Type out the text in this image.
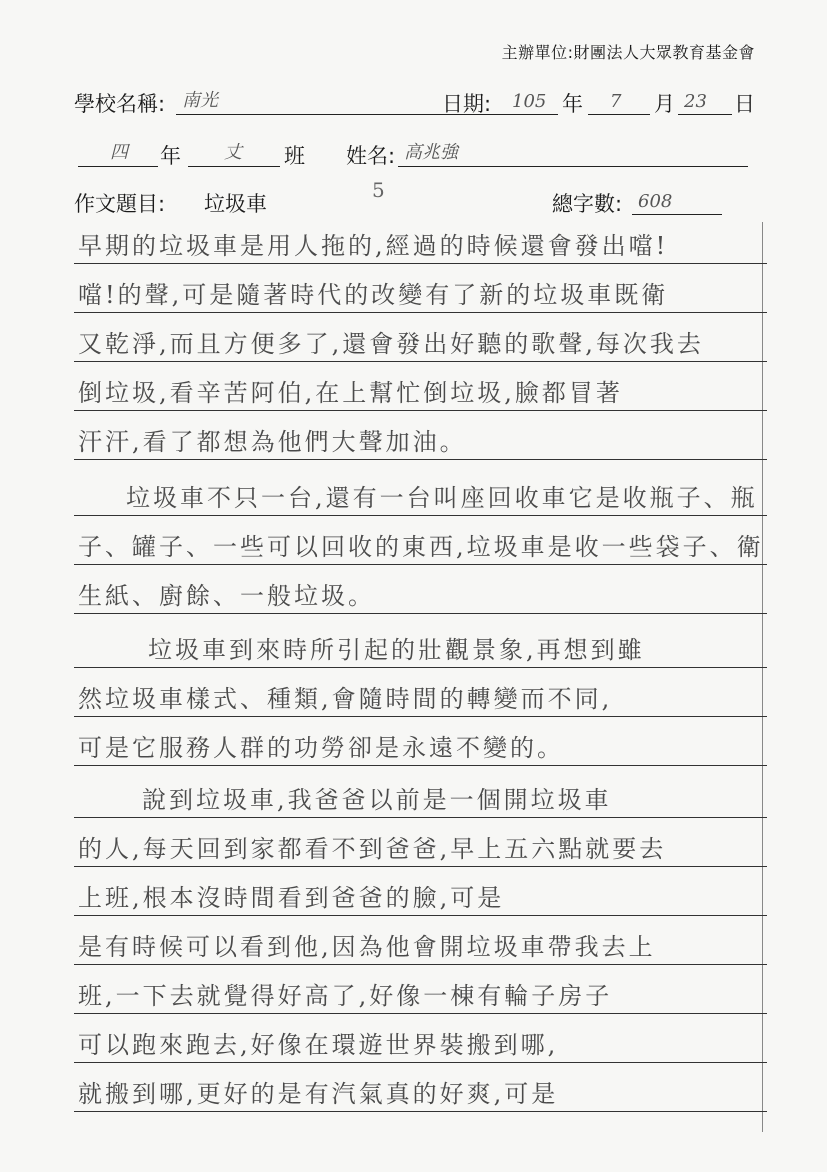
主辦單位:財團法人大眾教育基金會
學校名稱: 南光	日期: 105 年 7 月 23 日
四 年 丈 班 姓名: 高兆強
作文題目: 垃圾車
5
總字數: 608
早期的垃圾車是用人拖的,經過的時候還會發出噹!
噹!的聲,可是隨著時代的改變有了新的垃圾車既衛
又乾淨,而且方便多了,還會發出好聽的歌聲,每次我去
倒垃圾,看辛苦阿伯,在上幫忙倒垃圾,臉都冒著
汗汗,看了都想為他們大聲加油。
垃圾車不只一台,還有一台叫座回收車它是收瓶子、瓶
子、罐子、一些可以回收的東西,垃圾車是收一些袋子、衛
生紙、廚餘、一般垃圾。
垃圾車到來時所引起的壯觀景象,再想到雖
然垃圾車樣式、種類,會隨時間的轉變而不同,
可是它服務人群的功勞卻是永遠不變的。
說到垃圾車,我爸爸以前是一個開垃圾車
的人,每天回到家都看不到爸爸,早上五六點就要去
上班,根本沒時間看到爸爸的臉,可是
是有時候可以看到他,因為他會開垃圾車帶我去上
班,一下去就覺得好高了,好像一棟有輪子房子
可以跑來跑去,好像在環遊世界裝搬到哪,
就搬到哪,更好的是有汽氣真的好爽,可是
